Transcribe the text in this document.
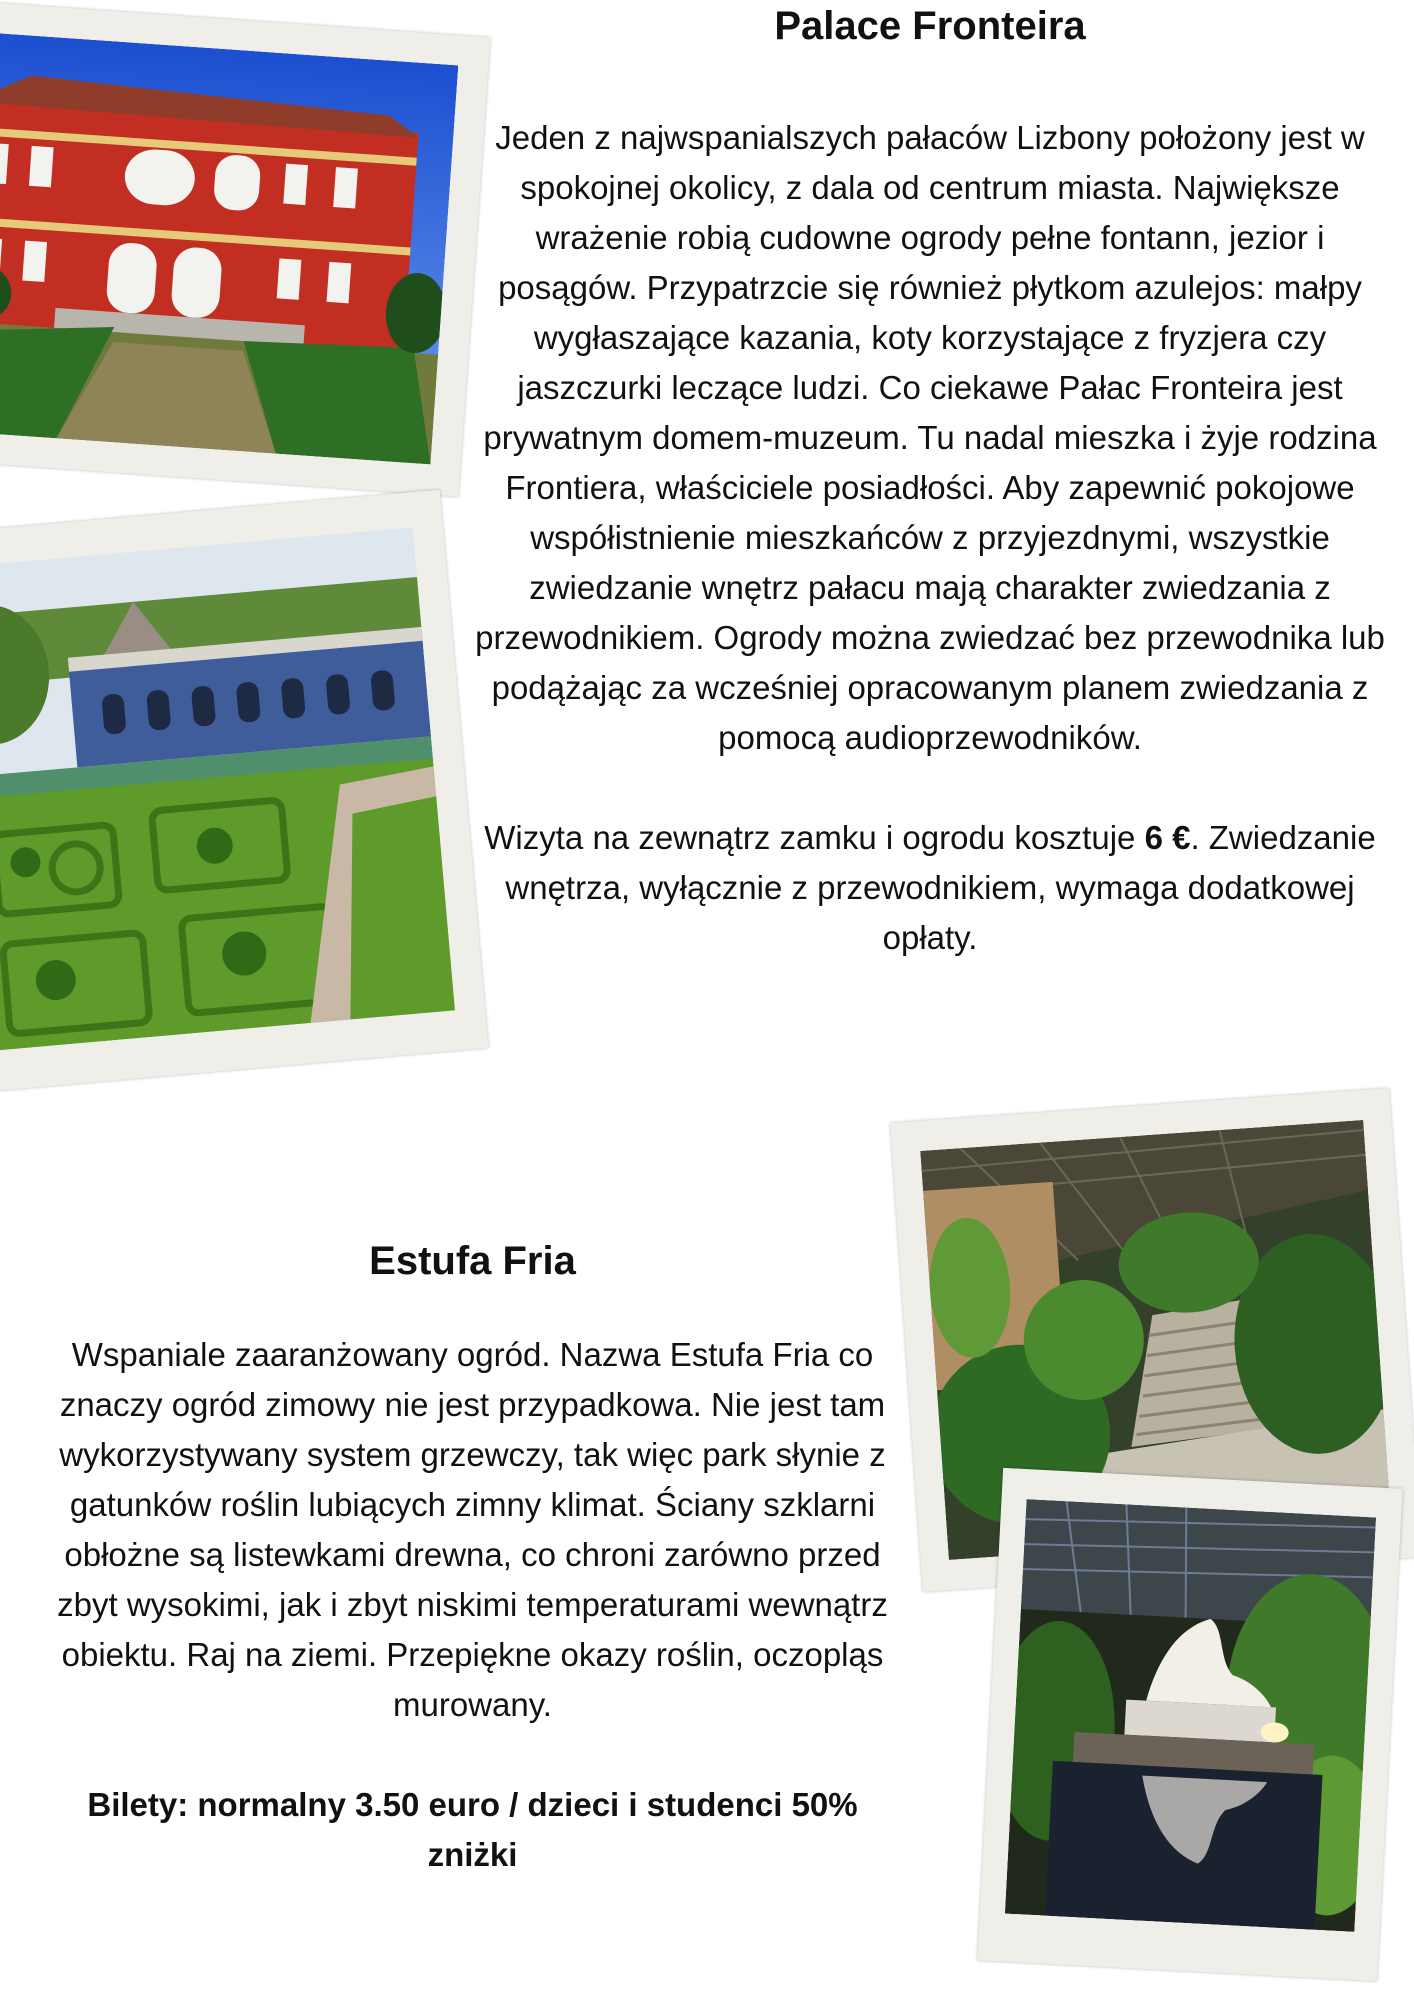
Palace Fronteira

Jeden z najwspanialszych pałaców Lizbony położony jest w spokojnej okolicy, z dala od centrum miasta. Największe wrażenie robią cudowne ogrody pełne fontann, jezior i posągów. Przypatrzcie się również płytkom azulejos: małpy wygłaszające kazania, koty korzystające z fryzjera czy jaszczurki leczące ludzi. Co ciekawe Pałac Fronteira jest prywatnym domem-muzeum. Tu nadal mieszka i żyje rodzina Frontiera, właściciele posiadłości. Aby zapewnić pokojowe współistnienie mieszkańców z przyjezdnymi, wszystkie zwiedzanie wnętrz pałacu mają charakter zwiedzania z przewodnikiem. Ogrody można zwiedzać bez przewodnika lub podążając za wcześniej opracowanym planem zwiedzania z pomocą audioprzewodników.

Wizyta na zewnątrz zamku i ogrodu kosztuje 6 €. Zwiedzanie wnętrza, wyłącznie z przewodnikiem, wymaga dodatkowej opłaty.

Estufa Fria

Wspaniale zaaranżowany ogród. Nazwa Estufa Fria co znaczy ogród zimowy nie jest przypadkowa. Nie jest tam wykorzystywany system grzewczy, tak więc park słynie z gatunków roślin lubiących zimny klimat. Ściany szklarni obłożne są listewkami drewna, co chroni zarówno przed zbyt wysokimi, jak i zbyt niskimi temperaturami wewnątrz obiektu. Raj na ziemi. Przepiękne okazy roślin, oczopląs murowany.

Bilety: normalny 3.50 euro / dzieci i studenci 50% zniżki
